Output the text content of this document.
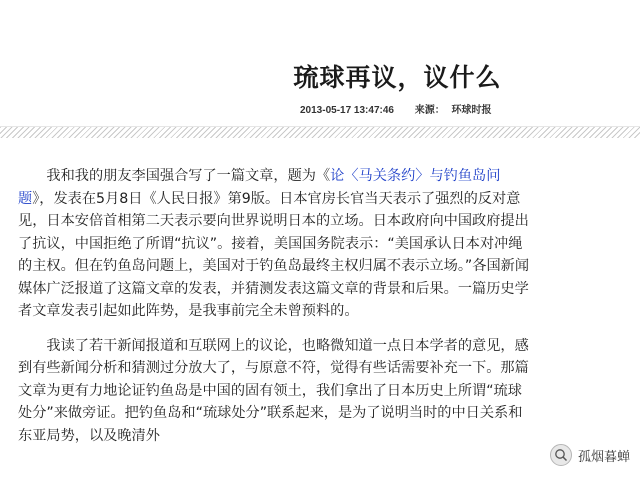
琉球再议，议什么
2013-05-17 13:47:46 来源： 环球时报

我和我的朋友李国强合写了一篇文章，题为《论〈马关条约〉与钓鱼岛问题》，发表在5月8日《人民日报》第9版。日本官房长官当天表示了强烈的反对意见，日本安倍首相第二天表示要向世界说明日本的立场。日本政府向中国政府提出了抗议，中国拒绝了所谓“抗议”。接着，美国国务院表示：“美国承认日本对冲绳的主权。但在钓鱼岛问题上，美国对于钓鱼岛最终主权归属不表示立场。”各国新闻媒体广泛报道了这篇文章的发表，并猜测发表这篇文章的背景和后果。一篇历史学者文章发表引起如此阵势，是我事前完全未曾预料的。

我读了若干新闻报道和互联网上的议论，也略微知道一点日本学者的意见，感到有些新闻分析和猜测过分放大了，与原意不符，觉得有些话需要补充一下。那篇文章为更有力地论证钓鱼岛是中国的固有领土，我们拿出了日本历史上所谓“琉球处分”来做旁证。把钓鱼岛和“琉球处分”联系起来，是为了说明当时的中日关系和东亚局势，以及晚清外

孤烟暮蝉
